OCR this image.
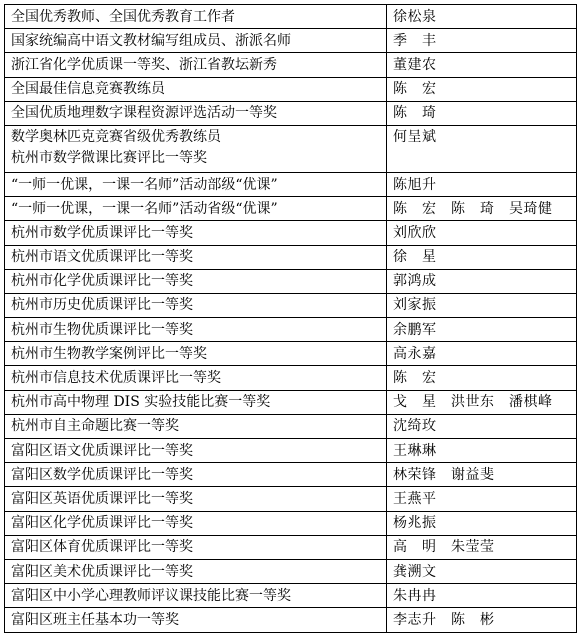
全国优秀教师、全国优秀教育工作者	徐松泉
国家统编高中语文教材编写组成员、浙派名师	季　丰
浙江省化学优质课一等奖、浙江省教坛新秀	董建农
全国最佳信息竞赛教练员	陈　宏
全国优质地理数字课程资源评选活动一等奖	陈　琦

数学奥林匹克竞赛省级优秀教练员
杭州市数学微课比赛评比一等奖	何呈斌
“一师一优课，一课一名师”活动部级“优课”	陈旭升
“一师一优课，一课一名师”活动省级“优课”	陈　宏　陈　琦　吴琦健
杭州市数学优质课评比一等奖	刘欣欣
杭州市语文优质课评比一等奖	徐　星
杭州市化学优质课评比一等奖	郭鸿成
杭州市历史优质课评比一等奖	刘家振
杭州市生物优质课评比一等奖	余鹏军
杭州市生物教学案例评比一等奖	高永嘉
杭州市信息技术优质课评比一等奖	陈　宏
杭州市高中物理 DIS 实验技能比赛一等奖	戈　星　洪世东　潘棋峰
杭州市自主命题比赛一等奖	沈绮玫
富阳区语文优质课评比一等奖	王琳琳
富阳区数学优质课评比一等奖	林荣锋　谢益斐
富阳区英语优质课评比一等奖	王燕平
富阳区化学优质课评比一等奖	杨兆振
富阳区体育优质课评比一等奖	高　明　朱莹莹
富阳区美术优质课评比一等奖	龚溯文
富阳区中小学心理教师评议课技能比赛一等奖	朱冉冉
富阳区班主任基本功一等奖	李志升　陈　彬
